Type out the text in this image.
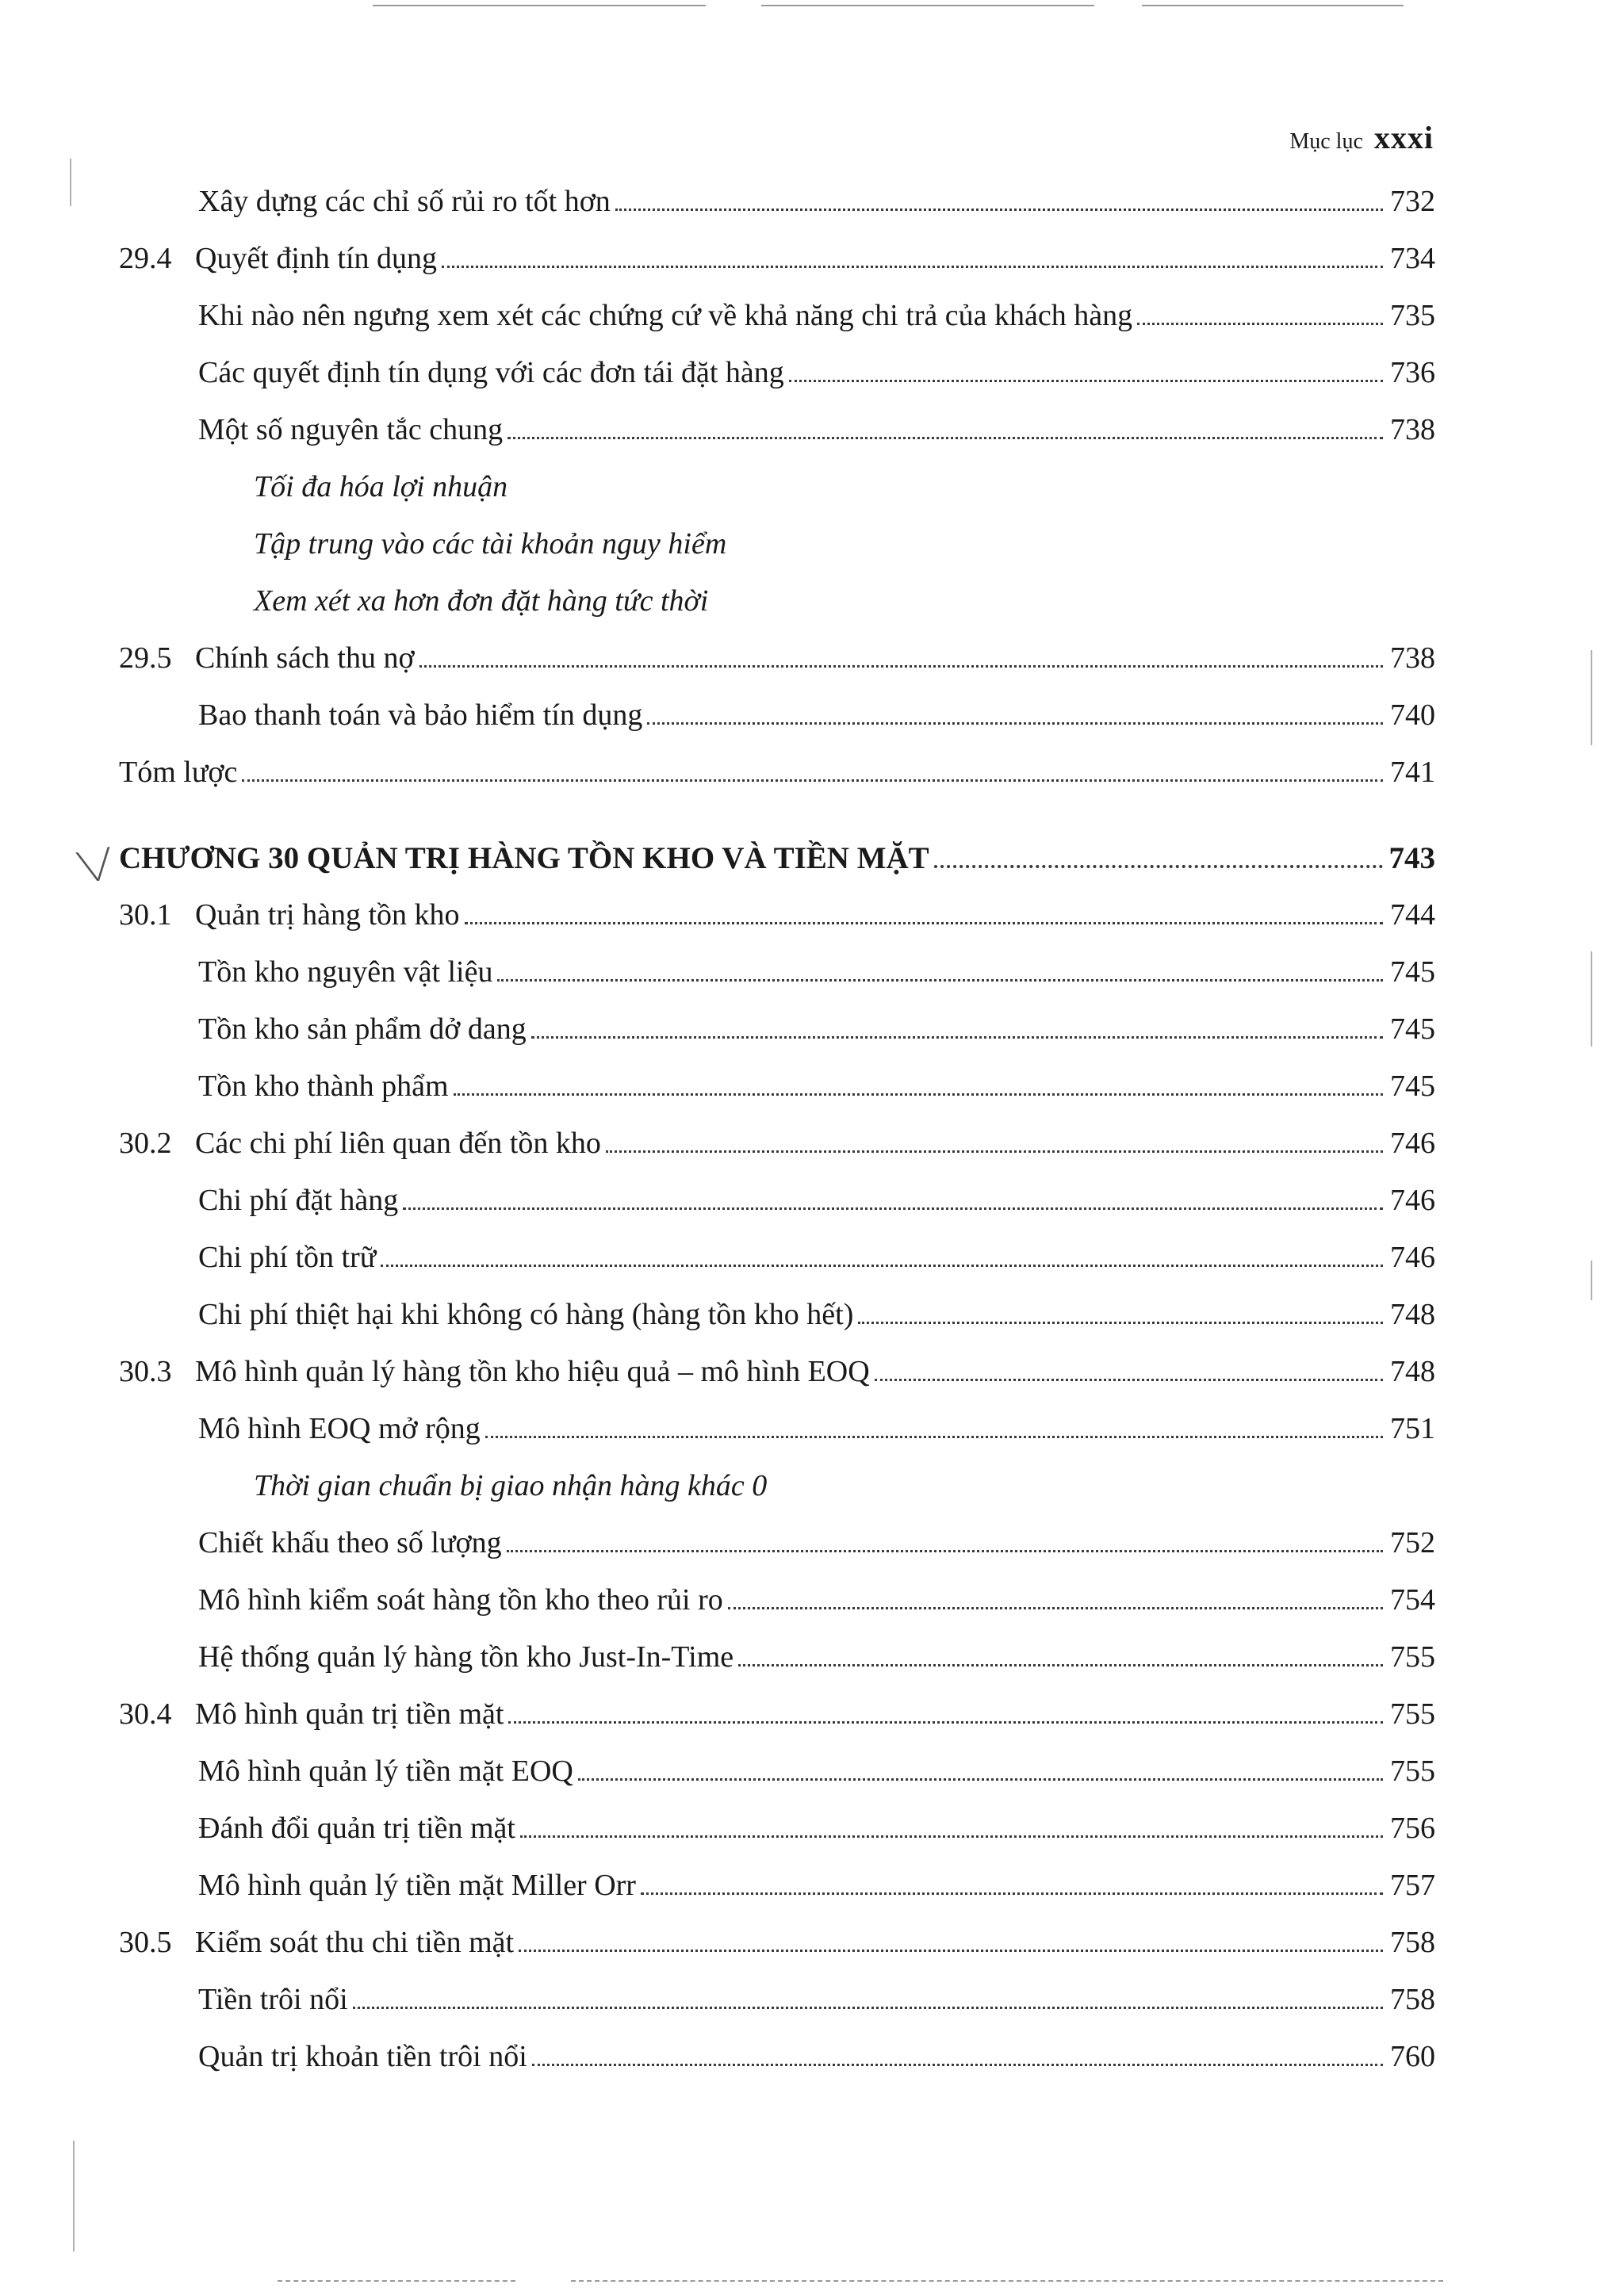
╲╱
Mục lục xxxi
Xây dựng các chỉ số rủi ro tốt hơn	732
29.4 Quyết định tín dụng	734
Khi nào nên ngưng xem xét các chứng cứ về khả năng chi trả của khách hàng	735
Các quyết định tín dụng với các đơn tái đặt hàng	736
Một số nguyên tắc chung	738
Tối đa hóa lợi nhuận
Tập trung vào các tài khoản nguy hiểm
Xem xét xa hơn đơn đặt hàng tức thời
29.5 Chính sách thu nợ	738
Bao thanh toán và bảo hiểm tín dụng	740
Tóm lược	741
CHƯƠNG 30 QUẢN TRỊ HÀNG TỒN KHO VÀ TIỀN MẶT	743
30.1 Quản trị hàng tồn kho	744
Tồn kho nguyên vật liệu	745
Tồn kho sản phẩm dở dang	745
Tồn kho thành phẩm	745
30.2 Các chi phí liên quan đến tồn kho	746
Chi phí đặt hàng	746
Chi phí tồn trữ	746
Chi phí thiệt hại khi không có hàng (hàng tồn kho hết)	748
30.3 Mô hình quản lý hàng tồn kho hiệu quả – mô hình EOQ	748
Mô hình EOQ mở rộng	751
Thời gian chuẩn bị giao nhận hàng khác 0
Chiết khấu theo số lượng	752
Mô hình kiểm soát hàng tồn kho theo rủi ro	754
Hệ thống quản lý hàng tồn kho Just-In-Time	755
30.4 Mô hình quản trị tiền mặt	755
Mô hình quản lý tiền mặt EOQ	755
Đánh đổi quản trị tiền mặt	756
Mô hình quản lý tiền mặt Miller Orr	757
30.5 Kiểm soát thu chi tiền mặt	758
Tiền trôi nổi	758
Quản trị khoản tiền trôi nổi	760
